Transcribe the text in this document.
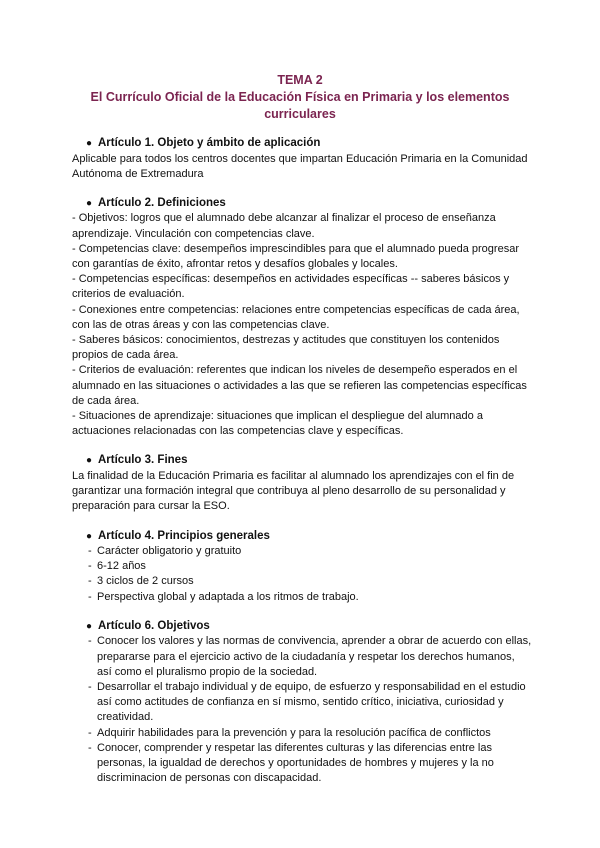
TEMA 2
El Currículo Oficial de la Educación Física en Primaria y los elementos
curriculares
● Artículo 1. Objeto y ámbito de aplicación

Aplicable para todos los centros docentes que impartan Educación Primaria en la Comunidad Autónoma de Extremadura

● Artículo 2. Definiciones

- Objetivos: logros que el alumnado debe alcanzar al finalizar el proceso de enseñanza aprendizaje. Vinculación con competencias clave.

- Competencias clave: desempeños imprescindibles para que el alumnado pueda progresar con garantías de éxito, afrontar retos y desafíos globales y locales.

- Competencias específicas: desempeños en actividades específicas -- saberes básicos y criterios de evaluación.

- Conexiones entre competencias: relaciones entre competencias específicas de cada área, con las de otras áreas y con las competencias clave.

- Saberes básicos: conocimientos, destrezas y actitudes que constituyen los contenidos propios de cada área.

- Criterios de evaluación: referentes que indican los niveles de desempeño esperados en el alumnado en las situaciones o actividades a las que se refieren las competencias específicas de cada área.

- Situaciones de aprendizaje: situaciones que implican el despliegue del alumnado a actuaciones relacionadas con las competencias clave y específicas.

● Artículo 3. Fines

La finalidad de la Educación Primaria es facilitar al alumnado los aprendizajes con el fin de garantizar una formación integral que contribuya al pleno desarrollo de su personalidad y preparación para cursar la ESO.

● Artículo 4. Principios generales
- Carácter obligatorio y gratuito
- 6-12 años
- 3 ciclos de 2 cursos
- Perspectiva global y adaptada a los ritmos de trabajo.
● Artículo 6. Objetivos
- Conocer los valores y las normas de convivencia, aprender a obrar de acuerdo con ellas, prepararse para el ejercicio activo de la ciudadanía y respetar los derechos humanos, así como el pluralismo propio de la sociedad.
- Desarrollar el trabajo individual y de equipo, de esfuerzo y responsabilidad en el estudio así como actitudes de confianza en sí mismo, sentido crítico, iniciativa, curiosidad y creatividad.
- Adquirir habilidades para la prevención y para la resolución pacífica de conflictos
- Conocer, comprender y respetar las diferentes culturas y las diferencias entre las personas, la igualdad de derechos y oportunidades de hombres y mujeres y la no discriminacion de personas con discapacidad.
